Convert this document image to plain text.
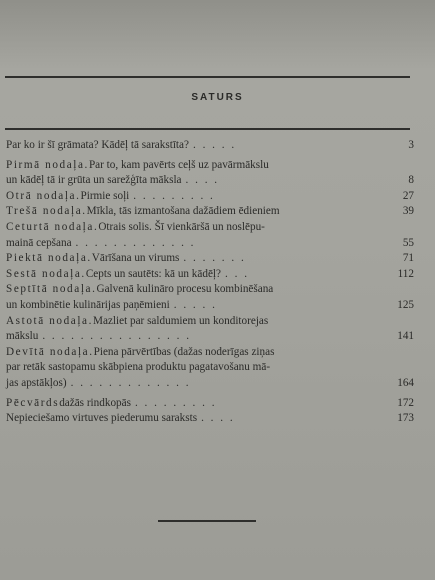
SATURS
Par ko ir šī grāmata? Kādēļ tā sarakstīta? . . . . .	3
Pirmā nodaļa.Par to, kam pavērts ceļš uz pavārmākslu
un kādēļ tā ir grūta un sarežģīta māksla . . . .	8
Otrā nodaļa.Pirmie soļi . . . . . . . . .	27
Trešā nodaļa.Mīkla, tās izmantošana dažādiem ēdieniem	39
Ceturtā nodaļa.Otrais solis. Šī vienkāršā un noslēpu-
mainā cepšana . . . . . . . . . . . . .	55
Piektā nodaļa.Vārīšana un virums . . . . . . .	71
Sestā nodaļa.Cepts un sautēts: kā un kādēļ? . . .	112
Septītā nodaļa.Galvenā kulināro procesu kombinēšana
un kombinētie kulinārijas paņēmieni . . . . .	125
Astotā nodaļa.Mazliet par saldumiem un konditorejas
mākslu . . . . . . . . . . . . . . . .	141
Devītā nodaļa.Piena pārvērtības (dažas noderīgas ziņas
par retāk sastopamu skābpiena produktu pagatavošanu mā-
jas apstākļos) . . . . . . . . . . . . .	164
Pēcvārdsdažās rindkopās . . . . . . . . .	172
Nepieciešamo virtuves piederumu saraksts . . . .	173
